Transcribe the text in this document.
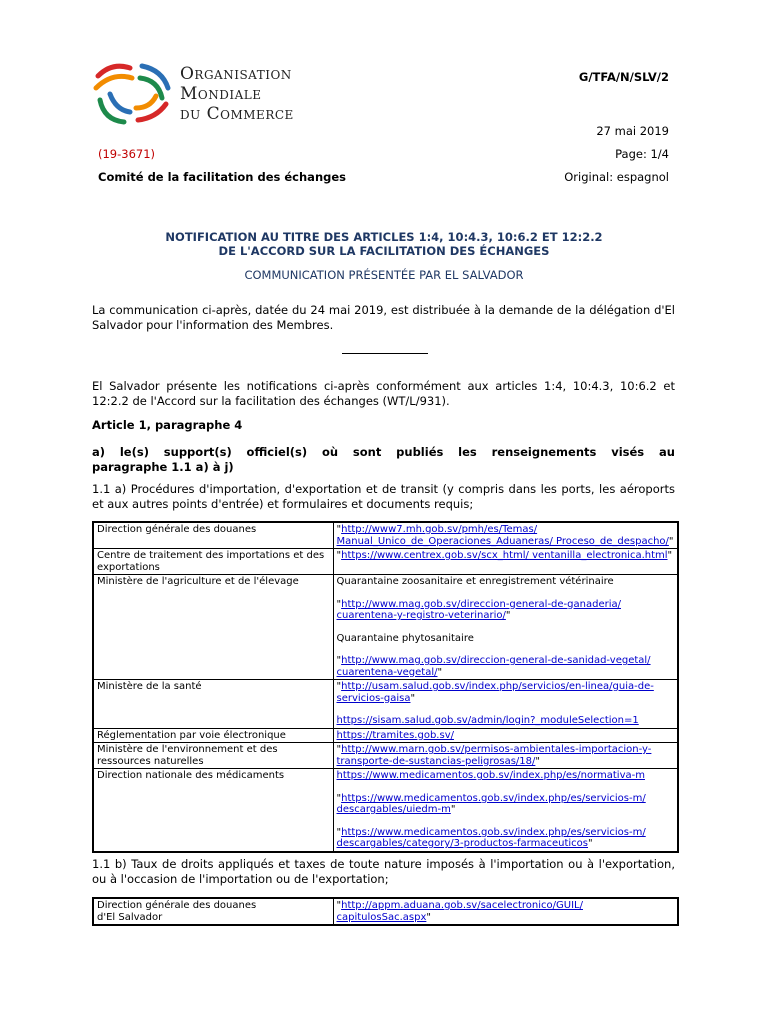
Organisation
Mondiale
du Commerce
G/TFA/N/SLV/2
27 mai 2019
(19-3671)	Page: 1/4
Comité de la facilitation des échanges	Original: espagnol
NOTIFICATION AU TITRE DES ARTICLES 1:4, 10:4.3, 10:6.2 ET 12:2.2
DE L'ACCORD SUR LA FACILITATION DES ÉCHANGES
COMMUNICATION PRÉSENTÉE PAR EL SALVADOR
La communication ci-après, datée du 24 mai 2019, est distribuée à la demande de la délégation d'El Salvador pour l'information des Membres.
El Salvador présente les notifications ci-après conformément aux articles 1:4, 10:4.3, 10:6.2 et 12:2.2 de l'Accord sur la facilitation des échanges (WT/L/931).
Article 1, paragraphe 4
a) le(s) support(s) officiel(s) où sont publiés les renseignements visés au
paragraphe 1.1 a) à j)
1.1 a) Procédures d'importation, d'exportation et de transit (y compris dans les ports, les aéroports et aux autres points d'entrée) et formulaires et documents requis;
Direction générale des douanes	"http://www7.mh.gob.sv/pmh/es/Temas/ Manual_Unico_de_Operaciones_Aduaneras/ Proceso_de_despacho/"
Centre de traitement des importations et des exportations	"https://www.centrex.gob.sv/scx_html/ ventanilla_electronica.html"
Ministère de l'agriculture et de l'élevage	Quarantaine zoosanitaire et enregistrement vétérinaire
"http://www.mag.gob.sv/direccion-general-de-ganaderia/ cuarentena-y-registro-veterinario/"
Quarantaine phytosanitaire
"http://www.mag.gob.sv/direccion-general-de-sanidad-vegetal/ cuarentena-vegetal/"

Ministère de la santé	"http://usam.salud.gob.sv/index.php/servicios/en-linea/guia-de-servicios-gaisa"
https://sisam.salud.gob.sv/admin/login?_moduleSelection=1

Réglementation par voie électronique	https://tramites.gob.sv/
Ministère de l'environnement et des ressources naturelles	"http://www.marn.gob.sv/permisos-ambientales-importacion-y-transporte-de-sustancias-peligrosas/18/"
Direction nationale des médicaments	https://www.medicamentos.gob.sv/index.php/es/normativa-m
"https://www.medicamentos.gob.sv/index.php/es/servicios-m/ descargables/uiedm-m"
"https://www.medicamentos.gob.sv/index.php/es/servicios-m/ descargables/category/3-productos-farmaceuticos"
1.1 b) Taux de droits appliqués et taxes de toute nature imposés à l'importation ou à l'exportation, ou à l'occasion de l'importation ou de l'exportation;
Direction générale des douanes
d'El Salvador
	"http://appm.aduana.gob.sv/sacelectronico/GUIL/ capitulosSac.aspx"
